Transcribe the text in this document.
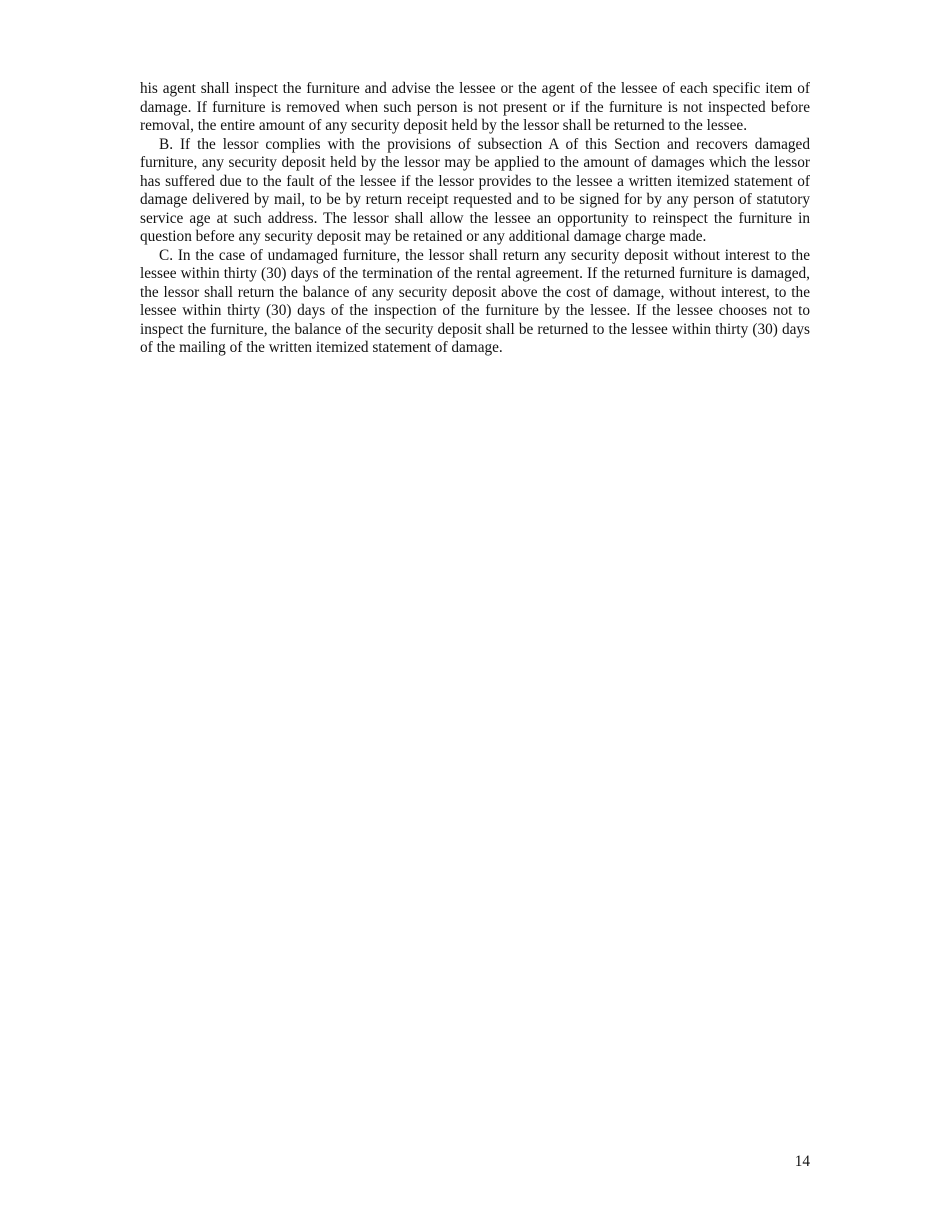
his agent shall inspect the furniture and advise the lessee or the agent of the lessee of each specific item of damage. If furniture is removed when such person is not present or if the furniture is not inspected before removal, the entire amount of any security deposit held by the lessor shall be returned to the lessee.

B. If the lessor complies with the provisions of subsection A of this Section and recovers damaged furniture, any security deposit held by the lessor may be applied to the amount of damages which the lessor has suffered due to the fault of the lessee if the lessor provides to the lessee a written itemized statement of damage delivered by mail, to be by return receipt requested and to be signed for by any person of statutory service age at such address. The lessor shall allow the lessee an opportunity to reinspect the furniture in question before any security deposit may be retained or any additional damage charge made.

C. In the case of undamaged furniture, the lessor shall return any security deposit without interest to the lessee within thirty (30) days of the termination of the rental agreement. If the returned furniture is damaged, the lessor shall return the balance of any security deposit above the cost of damage, without interest, to the lessee within thirty (30) days of the inspection of the furniture by the lessee. If the lessee chooses not to inspect the furniture, the balance of the security deposit shall be returned to the lessee within thirty (30) days of the mailing of the written itemized statement of damage.

14
